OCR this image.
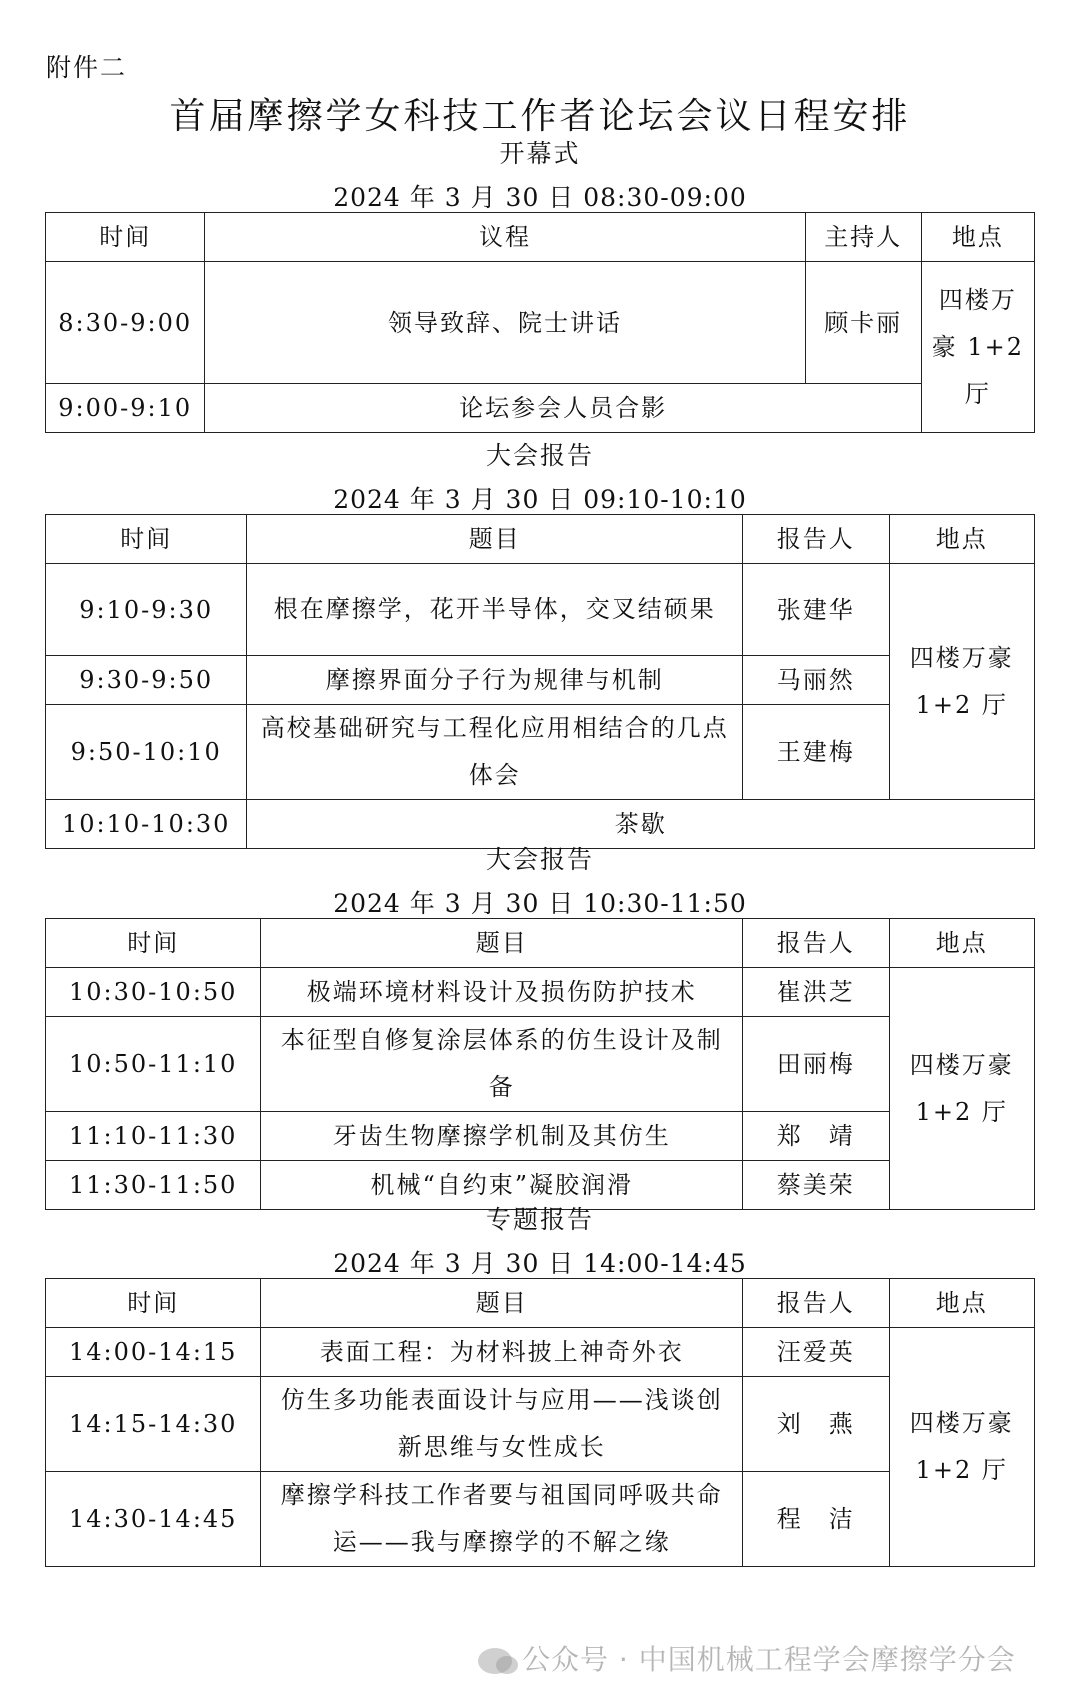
附件二
首届摩擦学女科技工作者论坛会议日程安排
开幕式
2024 年 3 月 30 日 08:30-09:00
时间	议程	主持人	地点
8:30-9:00	领导致辞、院士讲话	顾卡丽	四楼万豪 1+2 厅
9:00-9:10	论坛参会人员合影		
大会报告
2024 年 3 月 30 日 09:10-10:10
时间	题目	报告人	地点
9:10-9:30	根在摩擦学，花开半导体，交叉结硕果	张建华	四楼万豪 1+2 厅
9:30-9:50	摩擦界面分子行为规律与机制	马丽然	
9:50-10:10	高校基础研究与工程化应用相结合的几点体会	王建梅	
10:10-10:30	茶歇		
大会报告
2024 年 3 月 30 日 10:30-11:50
时间	题目	报告人	地点
10:30-10:50	极端环境材料设计及损伤防护技术	崔洪芝	四楼万豪 1+2 厅
10:50-11:10	本征型自修复涂层体系的仿生设计及制备	田丽梅	
11:10-11:30	牙齿生物摩擦学机制及其仿生	郑　靖	
11:30-11:50	机械“自约束”凝胶润滑	蔡美荣	
专题报告
2024 年 3 月 30 日 14:00-14:45
时间	题目	报告人	地点
14:00-14:15	表面工程：为材料披上神奇外衣	汪爱英	四楼万豪 1+2 厅
14:15-14:30	仿生多功能表面设计与应用——浅谈创新思维与女性成长	刘　燕	
14:30-14:45	摩擦学科技工作者要与祖国同呼吸共命运——我与摩擦学的不解之缘	程　洁	
公众号 · 中国机械工程学会摩擦学分会
